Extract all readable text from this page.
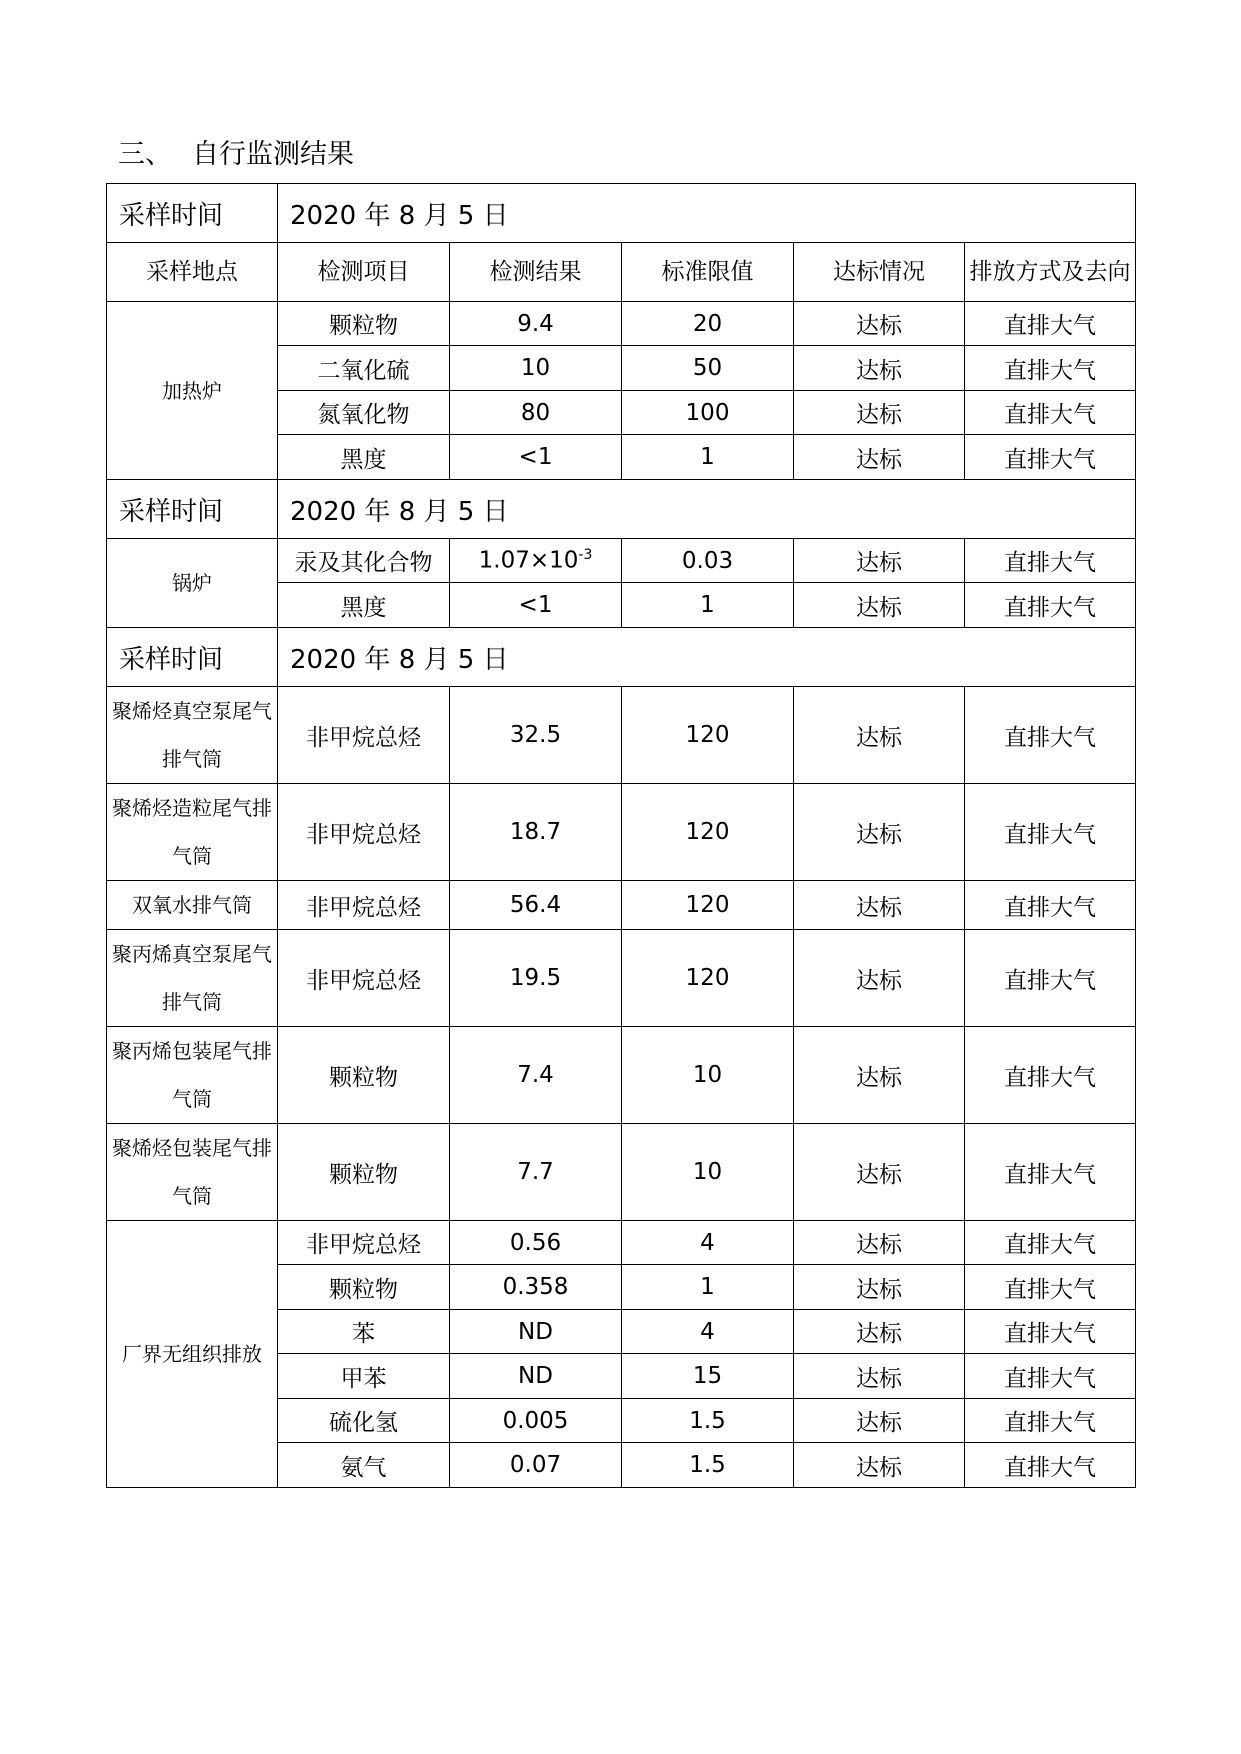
三、 自行监测结果
采样时间	2020 年 8 月 5 日				
采样地点	检测项目	检测结果	标准限值	达标情况	排放方式及去向
加热炉	颗粒物	9.4	20	达标	直排大气
	二氧化硫	10	50	达标	直排大气
	氮氧化物	80	100	达标	直排大气
	黑度	<1	1	达标	直排大气
采样时间	2020 年 8 月 5 日				
锅炉	汞及其化合物	$1.07\times 10^{-3}$	0.03	达标	直排大气
	黑度	<1	1	达标	直排大气
采样时间	2020 年 8 月 5 日				
聚烯烃真空泵尾气排气筒	非甲烷总烃	32.5	120	达标	直排大气
聚烯烃造粒尾气排气筒	非甲烷总烃	18.7	120	达标	直排大气
双氧水排气筒	非甲烷总烃	56.4	120	达标	直排大气
聚丙烯真空泵尾气排气筒	非甲烷总烃	19.5	120	达标	直排大气
聚丙烯包装尾气排气筒	颗粒物	7.4	10	达标	直排大气
聚烯烃包装尾气排气筒	颗粒物	7.7	10	达标	直排大气
厂界无组织排放	非甲烷总烃	0.56	4	达标	直排大气
	颗粒物	0.358	1	达标	直排大气
	苯	ND	4	达标	直排大气
	甲苯	ND	15	达标	直排大气
	硫化氢	0.005	1.5	达标	直排大气
	氨气	0.07	1.5	达标	直排大气
